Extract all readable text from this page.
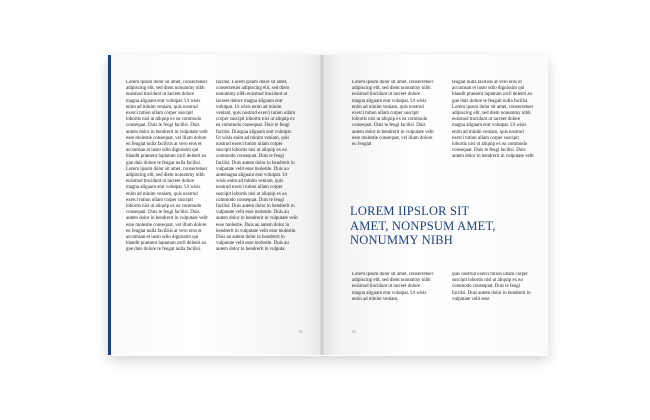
Lorem ipsum dolor sit amet, consectetuer adipiscing elit, sed diem nonummy nibh euismod tincidunt ut lacreet dolore magna aliguam erat volutpat. Ut wisis enim ad minim veniam, quis nostrud exerci tution ullam corper suscipit lobortis nisi ut aliquip ex ea commodo consequat. Duis te feugi facilisi. Duis autem dolor in hendrerit in vulputate velit esse molestie consequat, vel illum dolore eu feugiat nulla facilisis at vero eros et accumsan et iusto odio dignissim qui blandit praesent luptatum zzril delenit au gue duis dolore te feugat nulla facilisi. Lorem ipsum dolor sit amet, consectetuer adipiscing elit, sed diem nonummy nibh euismod tincidunt ut lacreet dolore magna aliguam erat volutpat. Ut wisis enim ad minim veniam, quis nostrud exerci tution ullam corper suscipit lobortis nisi ut aliquip ex ea commodo consequat. Duis te feugi facilisi. Duis autem dolor in hendrerit in vulputate velit esse molestie consequat, vel illum dolore eu feugiat nulla facilisis at vero eros et accumsan et iusto odio dignissim qui blandit praesent luptatum zzril delenit au gue duis dolore te feugat nulla facilisi.
facilisi. Lorem ipsum dolor sit amet, consectetuer adipiscing elit, sed diem nonummy nibh euismod tincidunt ut lacreet dolore magna aliguam erat volutpat. Ut wisis enim ad minim veniam, quis nostrud exerci tution ullam corper suscipit lobortis nisi ut aliquip ex ea commodo consequat. Duis te feugi facilisi. Duisgua aliguam erat volutpat. Ut wisis enim ad minim veniam, quis nostrud exerci tution ullam corper suscipit lobortis nisi ut aliquip ex ea commodo consequat. Duis te feugi facilisi. Duis autem dolor in hendrerit in vulputate velit esse molestie. Duis au autemagna aliguam erat volutpat. Ut wisis enim ad minim veniam, quis nostrud exerci tution ullam corper suscipit lobortis nisi ut aliquip ex ea commodo consequat. Duis te feugi facilisi. Duis autem dolor in hendrerit in vulputate velit esse molestie. Duis au autem dolor in hendrerit in vulputate velit esse molestie. Duis au autem dolor in hendrerit in vulputate velit esse molestie. Duis au autem dolor in hendrerit in vulputate velit esse molestie. Duis au autem dolor in hendrerit in vulputa.
01
Lorem ipsum dolor sit amet, consectetuer adipiscing elit, sed diem nonummy nibh euismod tincidunt ut lacreet dolore magna aliguam erat volutpat. Ut wisis enim ad minim veniam, quis nostrud exerci tution ullam corper suscipit lobortis nisi ut aliquip ex ea commodo consequat. Duis te feugi facilisi. Duis autem dolor in hendrerit in vulputate velit esse molestie consequat, vel illum dolore eu feugiat
feugiat nulla facilisis at vero eros et accumsan et iusto odio dignissim qui blandit praesent luptatum zzril delenit au gue duis dolore te feugait nulla facilisi. Lorem ipsum dolor sit amet, consectetuer adipiscing elit, sed diem nonummy nibh euismod tincidunt ut lacreet dolore magna aliguam erat volutpat. Ut wisis enim ad minim veniam, quis nostrud exerci tution ullam corper suscipit lobortis nisi ut aliquip ex ea commodo consequat. Duis te feugi facilisi. Duis autem dolor in hendrerit in vulputate velit
LOREM IIPSLOR SIT AMET, NONPSUM AMET, NONUMMY NIBH
Lorem ipsum dolor sit amet, consectetuer adipiscing elit, sed diem nonummy nibh euismod tincidunt ut lacreet dolore magna aliguam erat volutpat. Ut wisis enim ad minim veniam,
quis nostrud exerci tution ullam corper suscipit lobortis nisi ut aliquip ex ea commodo consequat. Duis te feugi facilisi. Duis autem dolor in hendrerit in vulputate velit esse
02
